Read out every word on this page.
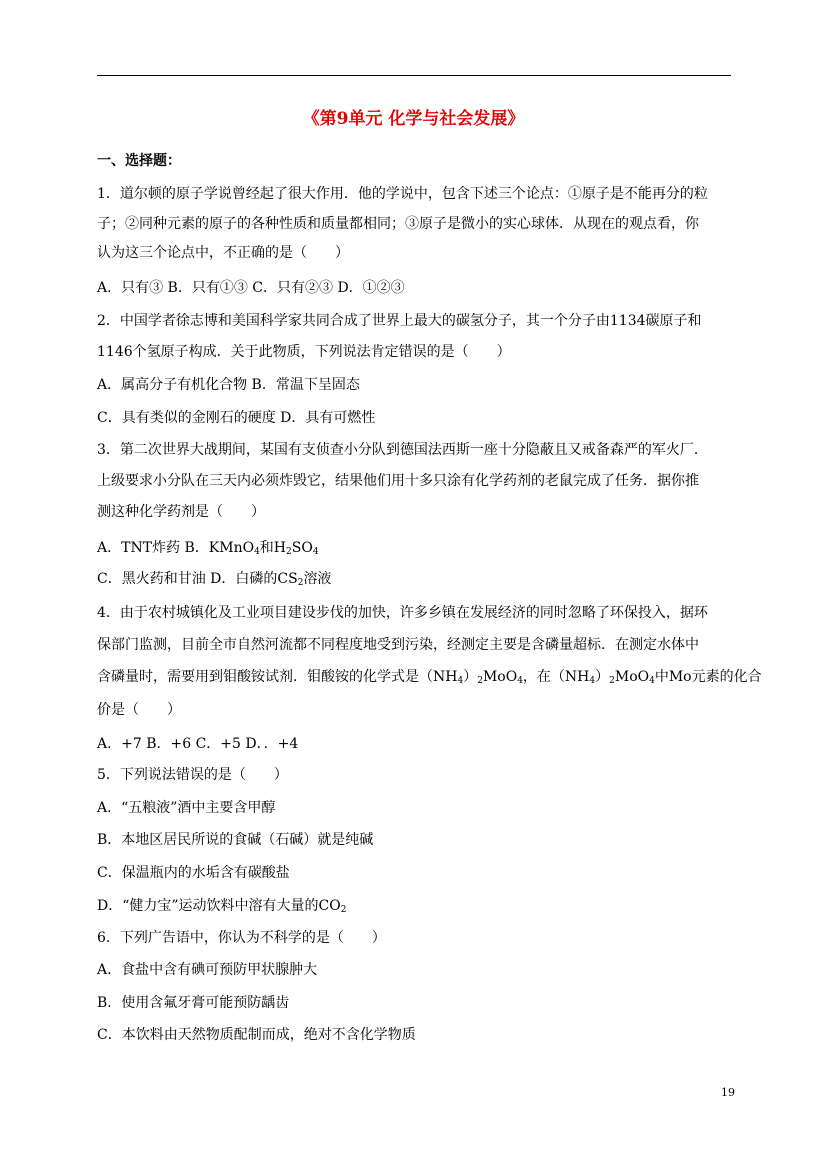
《第9单元 化学与社会发展》
一、选择题：
1．道尔顿的原子学说曾经起了很大作用．他的学说中，包含下述三个论点：①原子是不能再分的粒
子；②同种元素的原子的各种性质和质量都相同；③原子是微小的实心球体．从现在的观点看，你
认为这三个论点中，不正确的是（　　）
A．只有③ B．只有①③ C．只有②③ D．①②③
2．中国学者徐志博和美国科学家共同合成了世界上最大的碳氢分子，其一个分子由1134碳原子和
1146个氢原子构成．关于此物质，下列说法肯定错误的是（　　）
A．属高分子有机化合物 B．常温下呈固态
C．具有类似的金刚石的硬度 D．具有可燃性
3．第二次世界大战期间，某国有支侦查小分队到德国法西斯一座十分隐蔽且又戒备森严的军火厂．
上级要求小分队在三天内必须炸毁它，结果他们用十多只涂有化学药剂的老鼠完成了任务．据你推
测这种化学药剂是（　　）
A．TNT炸药 B．KMnO$_4$和$H_2SO_4$
C．黑火药和甘油 D．白磷的$CS_2$溶液
4．由于农村城镇化及工业项目建设步伐的加快，许多乡镇在发展经济的同时忽略了环保投入，据环
保部门监测，目前全市自然河流都不同程度地受到污染，经测定主要是含磷量超标．在测定水体中
含磷量时，需要用到钼酸铵试剂．钼酸铵的化学式是$(NH_4)_2MoO_4$，在$(NH_4)_2MoO_4$中Mo元素的化合
价是（　　）
A．+7 B．+6 C．+5 D．．+4
5．下列说法错误的是（　　）
A．“五粮液”酒中主要含甲醇
B．本地区居民所说的食碱（石碱）就是纯碱
C．保温瓶内的水垢含有碳酸盐
D．“健力宝”运动饮料中溶有大量的$CO_2$
6．下列广告语中，你认为不科学的是（　　）
A．食盐中含有碘可预防甲状腺肿大
B．使用含氟牙膏可能预防龋齿
C．本饮料由天然物质配制而成，绝对不含化学物质
19
